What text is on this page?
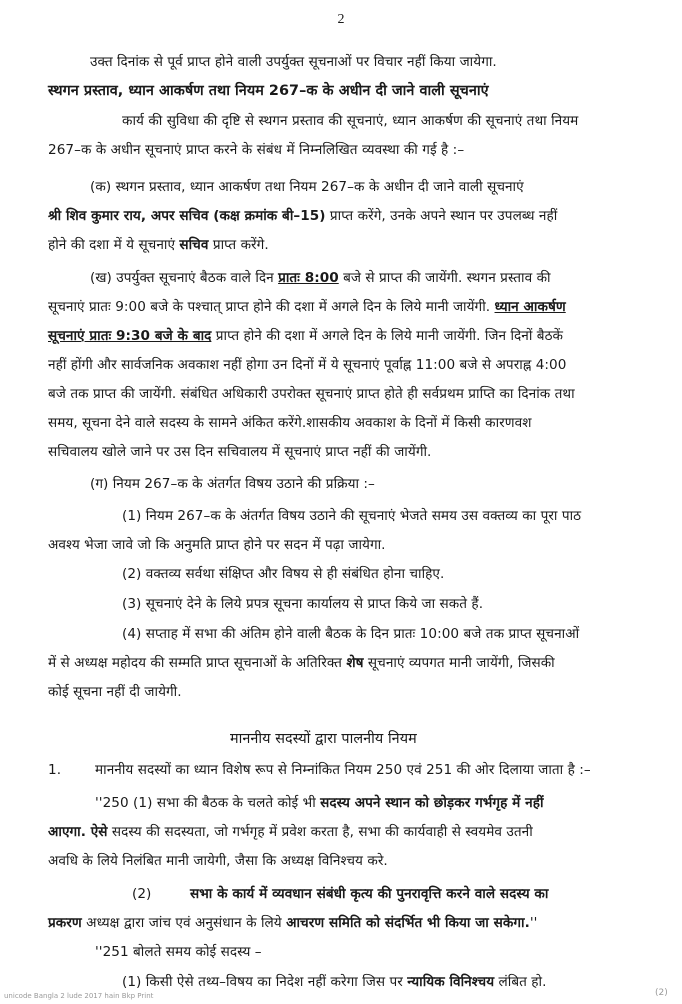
2
उक्त दिनांक से पूर्व प्राप्त होने वाली उपर्युक्त सूचनाओं पर विचार नहीं किया जायेगा.
स्थगन प्रस्ताव, ध्यान आकर्षण तथा नियम 267–क के अधीन दी जाने वाली सूचनाएं
कार्य की सुविधा की दृष्टि से स्थगन प्रस्ताव की सूचनाएं, ध्यान आकर्षण की सूचनाएं तथा नियम
267–क के अधीन सूचनाएं प्राप्त करने के संबंध में निम्नलिखित व्यवस्था की गई है :–
(क) स्थगन प्रस्ताव, ध्यान आकर्षण तथा नियम 267–क के अधीन दी जाने वाली सूचनाएं
श्री शिव कुमार राय, अपर सचिव (कक्ष क्रमांक बी–15) प्राप्त करेंगे, उनके अपने स्थान पर उपलब्ध नहीं
होने की दशा में ये सूचनाएं सचिव प्राप्त करेंगे.
(ख) उपर्युक्त सूचनाएं बैठक वाले दिन प्रातः 8:00 बजे से प्राप्त की जायेंगी. स्थगन प्रस्ताव की
सूचनाएं प्रातः 9:00 बजे के पश्चात् प्राप्त होने की दशा में अगले दिन के लिये मानी जायेंगी. ध्यान आकर्षण
सूचनाएं प्रातः 9:30 बजे के बाद प्राप्त होने की दशा में अगले दिन के लिये मानी जायेंगी. जिन दिनों बैठकें
नहीं होंगी और सार्वजनिक अवकाश नहीं होगा उन दिनों में ये सूचनाएं पूर्वाह्न 11:00 बजे से अपराह्न 4:00
बजे तक प्राप्त की जायेंगी. संबंधित अधिकारी उपरोक्त सूचनाएं प्राप्त होते ही सर्वप्रथम प्राप्ति का दिनांक तथा
समय, सूचना देने वाले सदस्य के सामने अंकित करेंगे.शासकीय अवकाश के दिनों में किसी कारणवश
सचिवालय खोले जाने पर उस दिन सचिवालय में सूचनाएं प्राप्त नहीं की जायेंगी.
(ग) नियम 267–क के अंतर्गत विषय उठाने की प्रक्रिया :–
(1) नियम 267–क के अंतर्गत विषय उठाने की सूचनाएं भेजते समय उस वक्तव्य का पूरा पाठ
अवश्य भेजा जावे जो कि अनुमति प्राप्त होने पर सदन में पढ़ा जायेगा.
(2) वक्तव्य सर्वथा संक्षिप्त और विषय से ही संबंधित होना चाहिए.
(3) सूचनाएं देने के लिये प्रपत्र सूचना कार्यालय से प्राप्त किये जा सकते हैं.
(4) सप्ताह में सभा की अंतिम होने वाली बैठक के दिन प्रातः 10:00 बजे तक प्राप्त सूचनाओं
में से अध्यक्ष महोदय की सम्मति प्राप्त सूचनाओं के अतिरिक्त शेष सूचनाएं व्यपगत मानी जायेंगी, जिसकी
कोई सूचना नहीं दी जायेगी.
माननीय सदस्यों द्वारा पालनीय नियम
1. माननीय सदस्यों का ध्यान विशेष रूप से निम्नांकित नियम 250 एवं 251 की ओर दिलाया जाता है :–
''250 (1) सभा की बैठक के चलते कोई भी सदस्य अपने स्थान को छोड़कर गर्भगृह में नहीं
आएगा. ऐसे सदस्य की सदस्यता, जो गर्भगृह में प्रवेश करता है, सभा की कार्यवाही से स्वयमेव उतनी
अवधि के लिये निलंबित मानी जायेगी, जैसा कि अध्यक्ष विनिश्चय करे.
(2)	सभा के कार्य में व्यवधान संबंधी कृत्य की पुनरावृत्ति करने वाले सदस्य का
प्रकरण अध्यक्ष द्वारा जांच एवं अनुसंधान के लिये आचरण समिति को संदर्भित भी किया जा सकेगा.''
''251 बोलते समय कोई सदस्य –
(1) किसी ऐसे तथ्य–विषय का निदेश नहीं करेगा जिस पर न्यायिक विनिश्चय लंबित हो.
unicode Bangla 2 lude 2017 hain Bkp Print	(2)
